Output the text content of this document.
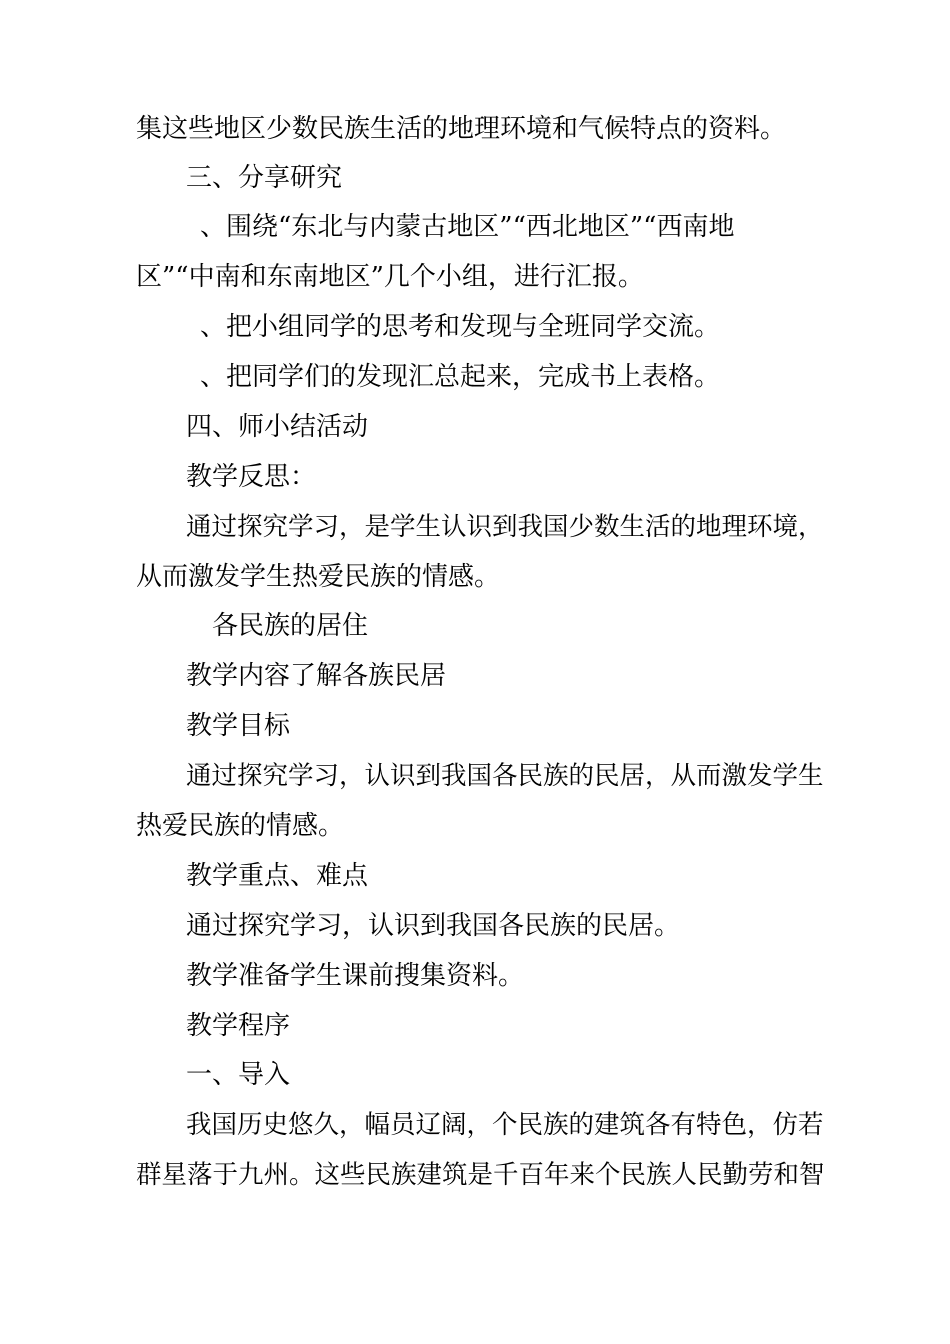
集这些地区少数民族生活的地理环境和气候特点的资料。

三、分享研究

、围绕“东北与内蒙古地区”“西北地区”“西南地

区”“中南和东南地区”几个小组，进行汇报。

、把小组同学的思考和发现与全班同学交流。

、把同学们的发现汇总起来，完成书上表格。

四、师小结活动

教学反思：

通过探究学习，是学生认识到我国少数生活的地理环境，

从而激发学生热爱民族的情感。

各民族的居住

教学内容了解各族民居

教学目标

通过探究学习，认识到我国各民族的民居，从而激发学生

热爱民族的情感。

教学重点、难点

通过探究学习，认识到我国各民族的民居。

教学准备学生课前搜集资料。

教学程序

一、导入

我国历史悠久，幅员辽阔，个民族的建筑各有特色，仿若

群星落于九州。这些民族建筑是千百年来个民族人民勤劳和智
